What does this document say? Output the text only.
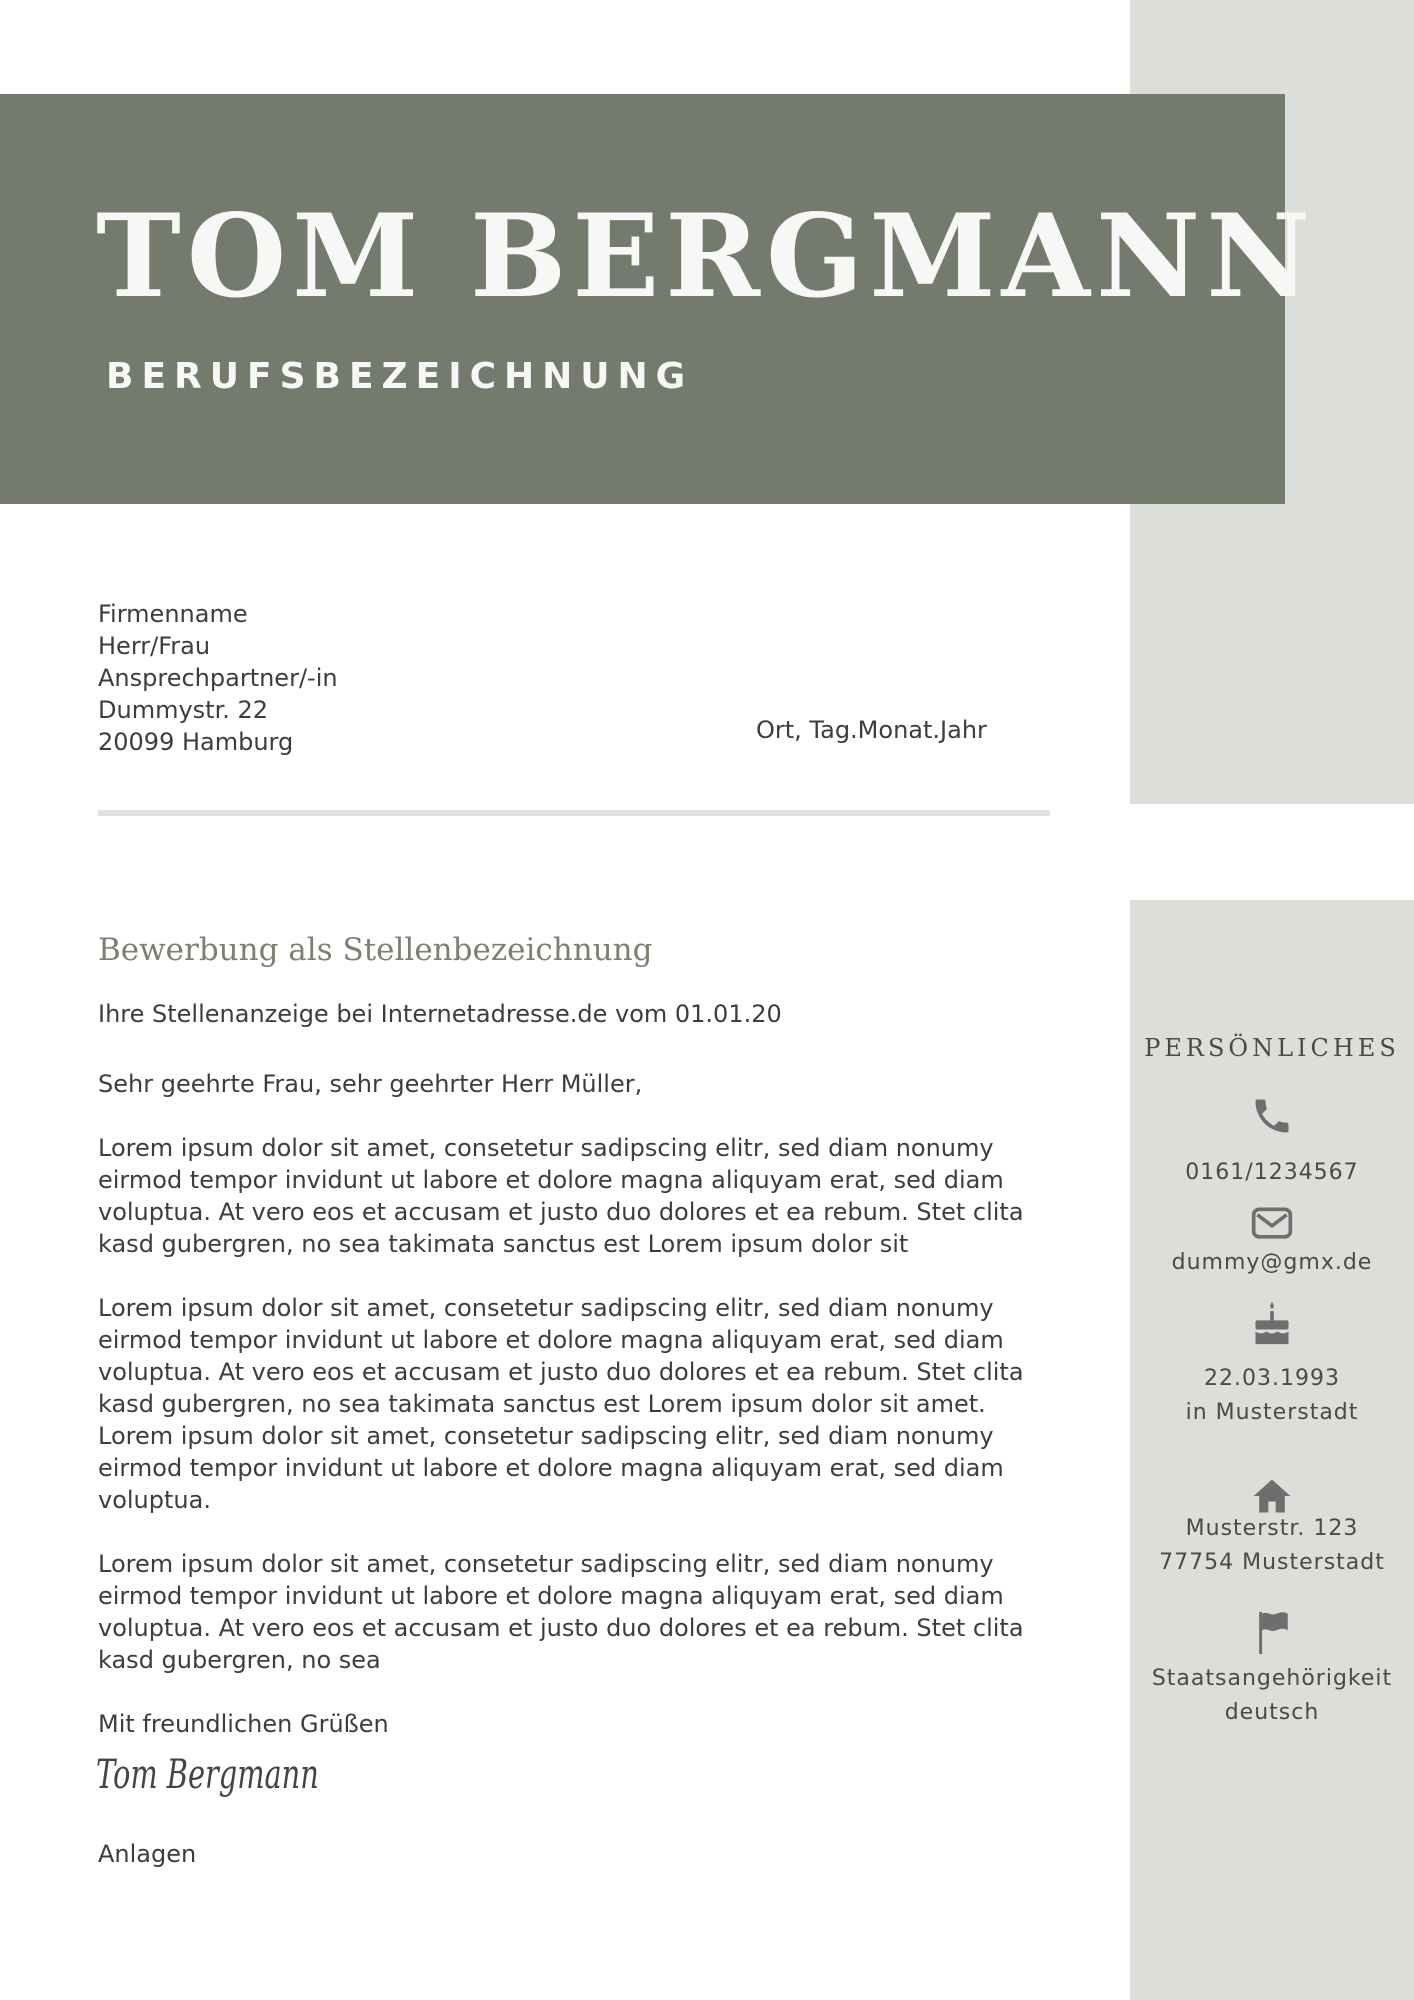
TOM BERGMANN
BERUFSBEZEICHNUNG
Firmenname
Herr/Frau
Ansprechpartner/-in
Dummystr. 22
20099 Hamburg	Ort, Tag.Monat.Jahr
Bewerbung als Stellenbezeichnung
Ihre Stellenanzeige bei Internetadresse.de vom 01.01.20

Sehr geehrte Frau, sehr geehrter Herr Müller,

Lorem ipsum dolor sit amet, consetetur sadipscing elitr, sed diam nonumy eirmod tempor invidunt ut labore et dolore magna aliquyam erat, sed diam voluptua. At vero eos et accusam et justo duo dolores et ea rebum. Stet clita kasd gubergren, no sea takimata sanctus est Lorem ipsum dolor sit

Lorem ipsum dolor sit amet, consetetur sadipscing elitr, sed diam nonumy eirmod tempor invidunt ut labore et dolore magna aliquyam erat, sed diam voluptua. At vero eos et accusam et justo duo dolores et ea rebum. Stet clita kasd gubergren, no sea takimata sanctus est Lorem ipsum dolor sit amet. Lorem ipsum dolor sit amet, consetetur sadipscing elitr, sed diam nonumy eirmod tempor invidunt ut labore et dolore magna aliquyam erat, sed diam voluptua.

Lorem ipsum dolor sit amet, consetetur sadipscing elitr, sed diam nonumy eirmod tempor invidunt ut labore et dolore magna aliquyam erat, sed diam voluptua. At vero eos et accusam et justo duo dolores et ea rebum. Stet clita kasd gubergren, no sea

Mit freundlichen Grüßen
Tom Bergmann
Anlagen
PERSÖNLICHES
0161/1234567
dummy@gmx.de
22.03.1993
in Musterstadt
Musterstr. 123
77754 Musterstadt
Staatsangehörigkeit
deutsch
